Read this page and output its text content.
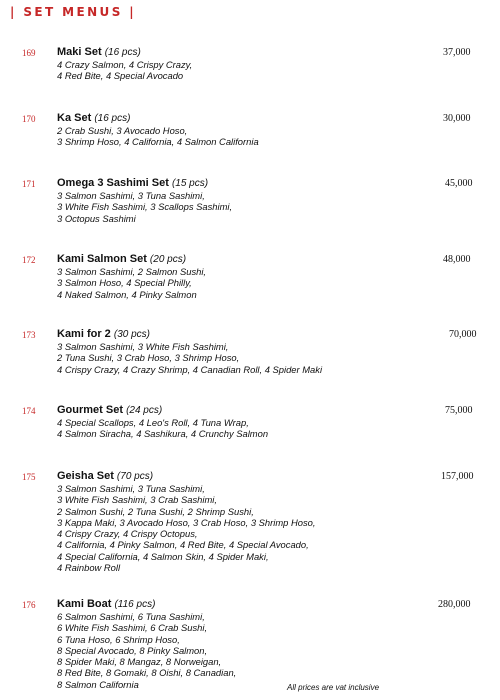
| SET MENUS |
169 Maki Set (16 pcs)	37,000
4 Crazy Salmon, 4 Crispy Crazy,
4 Red Bite, 4 Special Avocado
170 Ka Set (16 pcs)	30,000
2 Crab Sushi, 3 Avocado Hoso,
3 Shrimp Hoso, 4 California, 4 Salmon California
171 Omega 3 Sashimi Set (15 pcs)	45,000
3 Salmon Sashimi, 3 Tuna Sashimi,
3 White Fish Sashimi, 3 Scallops Sashimi,
3 Octopus Sashimi
172 Kami Salmon Set (20 pcs)	48,000
3 Salmon Sashimi, 2 Salmon Sushi,
3 Salmon Hoso, 4 Special Philly,
4 Naked Salmon, 4 Pinky Salmon
173 Kami for 2 (30 pcs)	70,000
3 Salmon Sashimi, 3 White Fish Sashimi,
2 Tuna Sushi, 3 Crab Hoso, 3 Shrimp Hoso,
4 Crispy Crazy, 4 Crazy Shrimp, 4 Canadian Roll, 4 Spider Maki
174 Gourmet Set (24 pcs)	75,000
4 Special Scallops, 4 Leo's Roll, 4 Tuna Wrap,
4 Salmon Siracha, 4 Sashikura, 4 Crunchy Salmon
175 Geisha Set (70 pcs)	157,000
3 Salmon Sashimi, 3 Tuna Sashimi,
3 White Fish Sashimi, 3 Crab Sashimi,
2 Salmon Sushi, 2 Tuna Sushi, 2 Shrimp Sushi,
3 Kappa Maki, 3 Avocado Hoso, 3 Crab Hoso, 3 Shrimp Hoso,
4 Crispy Crazy, 4 Crispy Octopus,
4 California, 4 Pinky Salmon, 4 Red Bite, 4 Special Avocado,
4 Special California, 4 Salmon Skin, 4 Spider Maki,
4 Rainbow Roll
176 Kami Boat (116 pcs)	280,000
6 Salmon Sashimi, 6 Tuna Sashimi,
6 White Fish Sashimi, 6 Crab Sushi,
6 Tuna Hoso, 6 Shrimp Hoso,
8 Special Avocado, 8 Pinky Salmon,
8 Spider Maki, 8 Mangaz, 8 Norweigan,
8 Red Bite, 8 Gomaki, 8 Oishi, 8 Canadian,
8 Salmon California	All prices are vat inclusive
